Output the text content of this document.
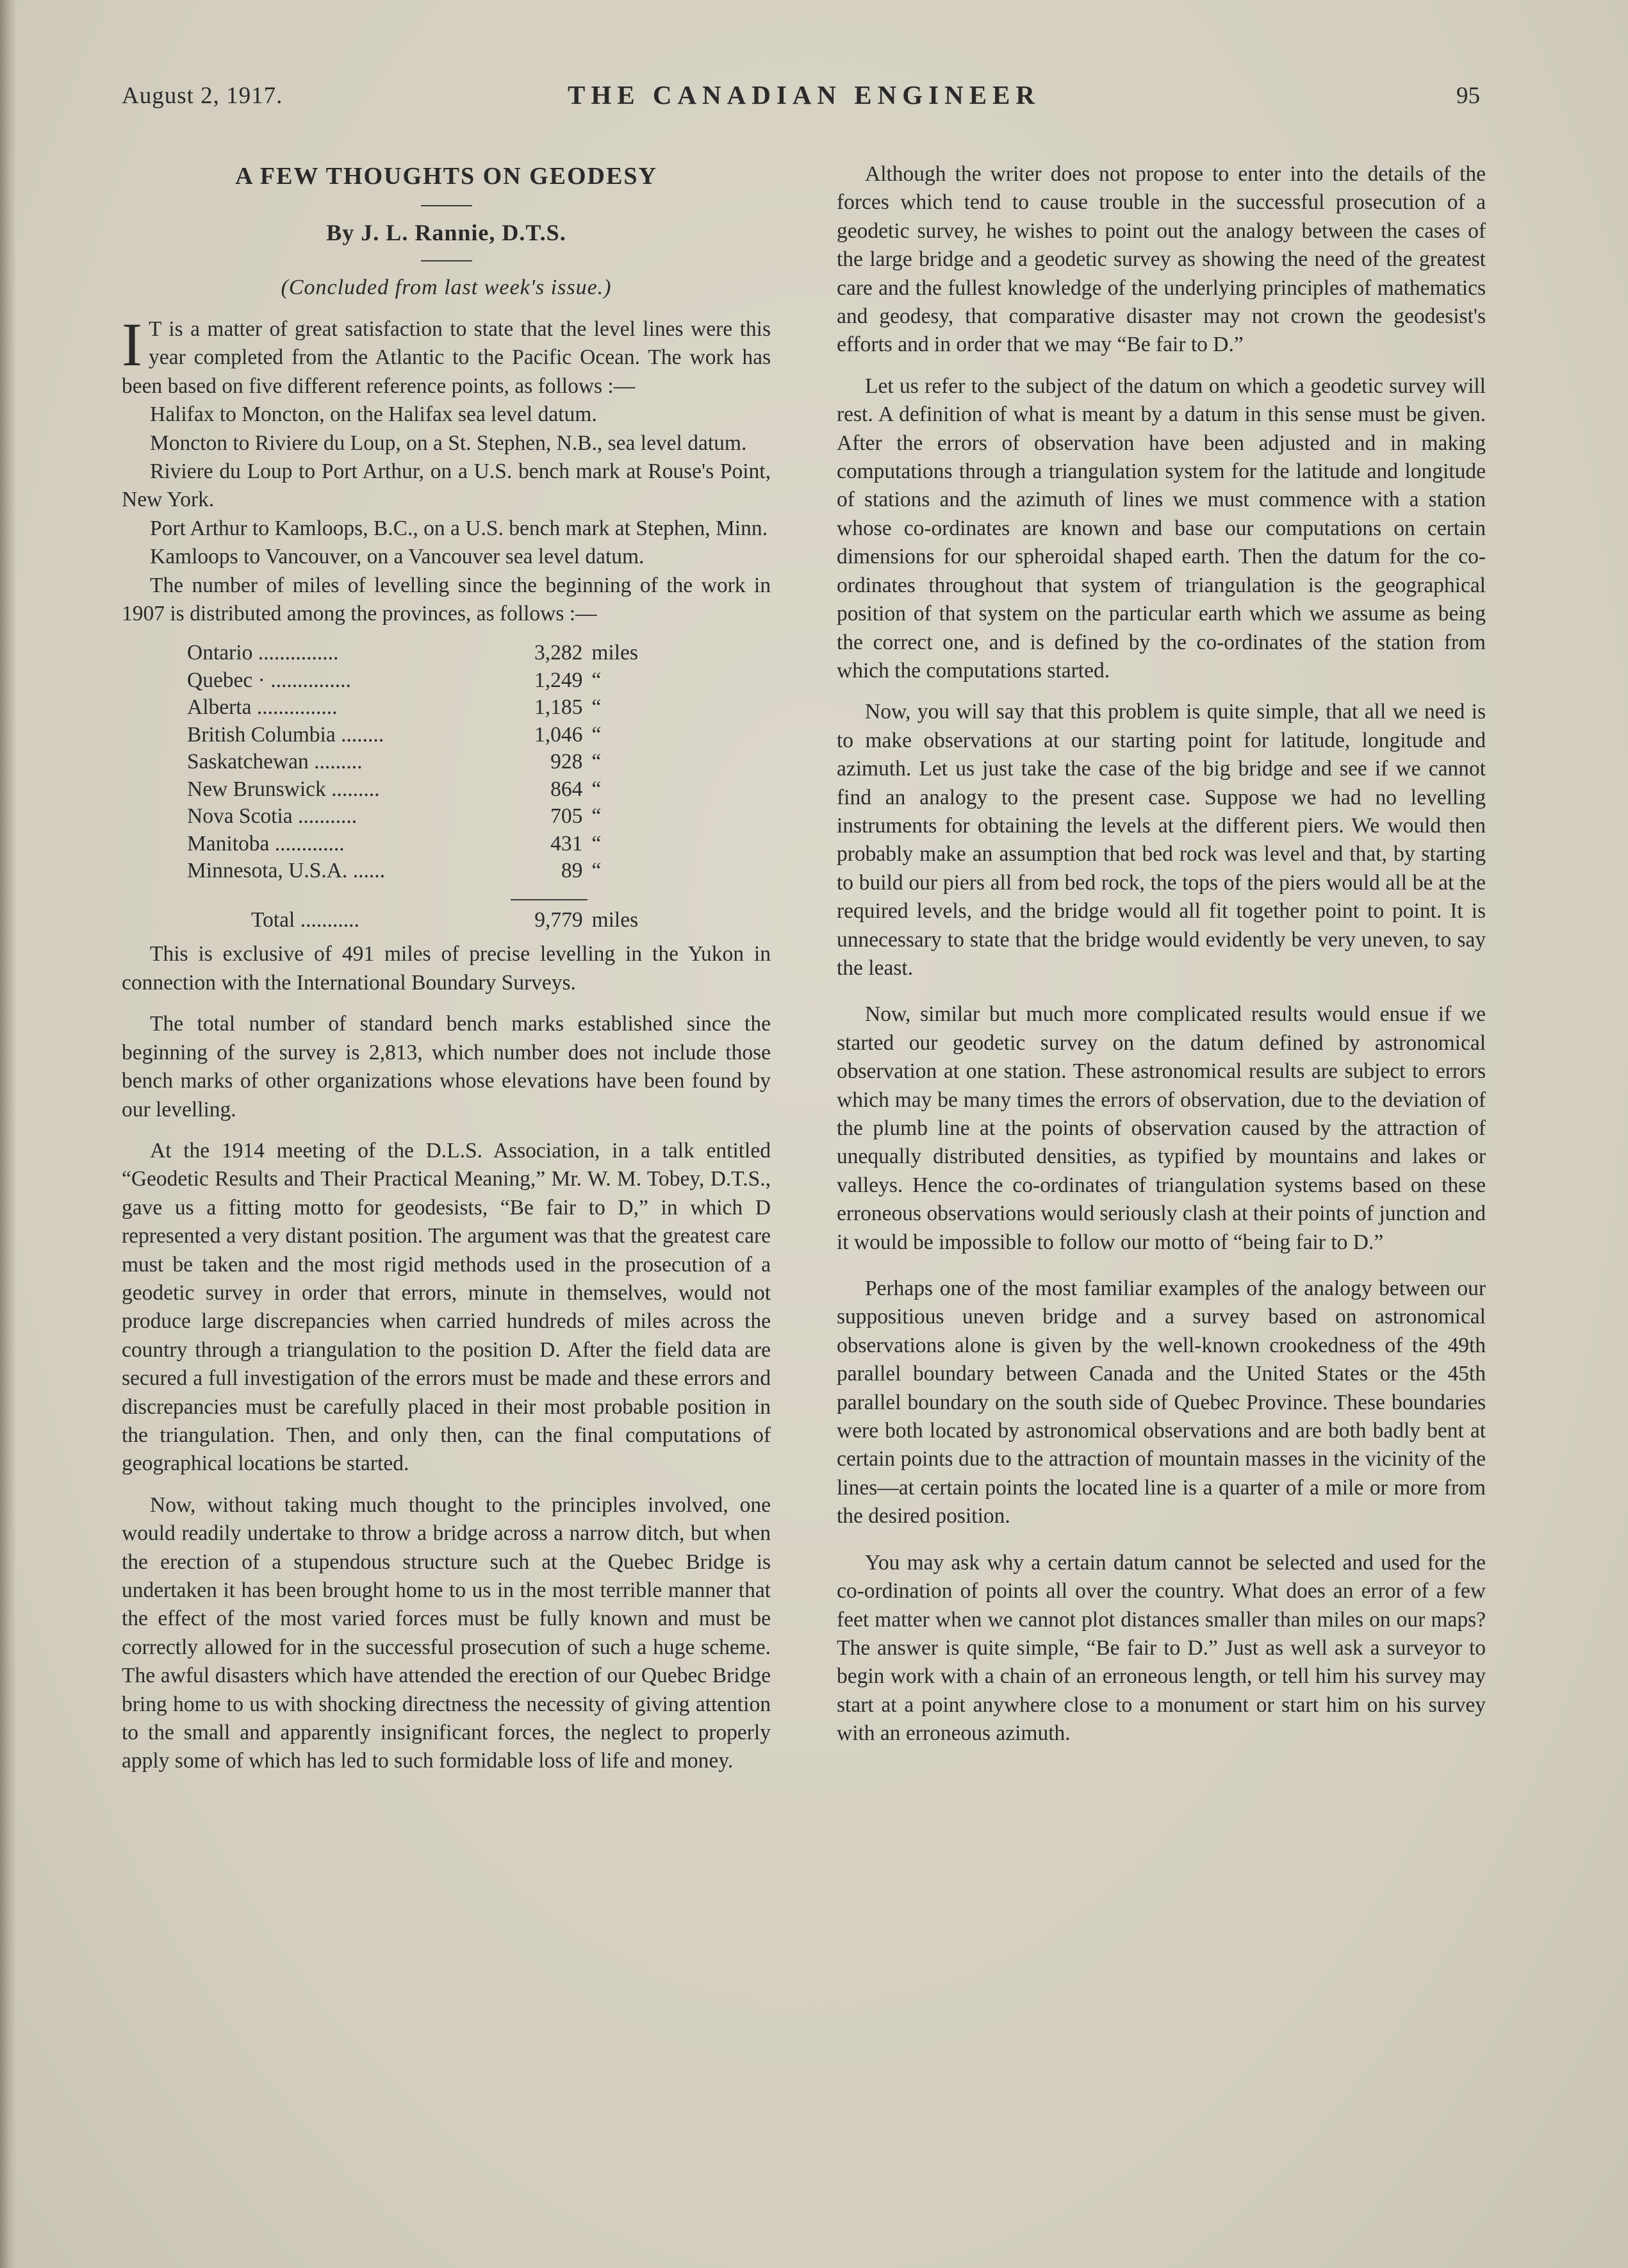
August 2, 1917.	THE CANADIAN ENGINEER	95
A FEW THOUGHTS ON GEODESY
By J. L. Rannie, D.T.S.
(Concluded from last week's issue.)
I T is a matter of great satisfaction to state that the level lines were this year completed from the Atlantic to the Pacific Ocean. The work has been based on five different reference points, as follows :—

Halifax to Moncton, on the Halifax sea level datum.

Moncton to Riviere du Loup, on a St. Stephen, N.B., sea level datum.

Riviere du Loup to Port Arthur, on a U.S. bench mark at Rouse's Point, New York.

Port Arthur to Kamloops, B.C., on a U.S. bench mark at Stephen, Minn.

Kamloops to Vancouver, on a Vancouver sea level datum.

The number of miles of levelling since the beginning of the work in 1907 is distributed among the provinces, as follows :—

Ontario ...............	3,282 miles
Quebec · ...............	1,249 “
Alberta ...............	1,185 “
British Columbia ........	1,046 “
Saskatchewan .........	928 “
New Brunswick .........	864 “
Nova Scotia ...........	705 “
Manitoba .............	431 “
Minnesota, U.S.A. ......	89 “
Total ...........	9,779 miles

This is exclusive of 491 miles of precise levelling in the Yukon in connection with the International Boundary Surveys.

The total number of standard bench marks established since the beginning of the survey is 2,813, which number does not include those bench marks of other organizations whose elevations have been found by our levelling.

At the 1914 meeting of the D.L.S. Association, in a talk entitled “Geodetic Results and Their Practical Meaning,” Mr. W. M. Tobey, D.T.S., gave us a fitting motto for geodesists, “Be fair to D,” in which D represented a very distant position. The argument was that the greatest care must be taken and the most rigid methods used in the prosecution of a geodetic survey in order that errors, minute in themselves, would not produce large discrepancies when carried hundreds of miles across the country through a triangulation to the position D. After the field data are secured a full investigation of the errors must be made and these errors and discrepancies must be carefully placed in their most probable position in the triangulation. Then, and only then, can the final computations of geographical locations be started.

Now, without taking much thought to the principles involved, one would readily undertake to throw a bridge across a narrow ditch, but when the erection of a stupendous structure such at the Quebec Bridge is undertaken it has been brought home to us in the most terrible manner that the effect of the most varied forces must be fully known and must be correctly allowed for in the successful prosecution of such a huge scheme. The awful disasters which have attended the erection of our Quebec Bridge bring home to us with shocking directness the necessity of giving attention to the small and apparently insignificant forces, the neglect to properly apply some of which has led to such formidable loss of life and money.

Although the writer does not propose to enter into the details of the forces which tend to cause trouble in the successful prosecution of a geodetic survey, he wishes to point out the analogy between the cases of the large bridge and a geodetic survey as showing the need of the greatest care and the fullest knowledge of the underlying principles of mathematics and geodesy, that comparative disaster may not crown the geodesist's efforts and in order that we may “Be fair to D.”

Let us refer to the subject of the datum on which a geodetic survey will rest. A definition of what is meant by a datum in this sense must be given. After the errors of observation have been adjusted and in making computations through a triangulation system for the latitude and longitude of stations and the azimuth of lines we must commence with a station whose co-ordinates are known and base our computations on certain dimensions for our spheroidal shaped earth. Then the datum for the co-ordinates throughout that system of triangulation is the geographical position of that system on the particular earth which we assume as being the correct one, and is defined by the co-ordinates of the station from which the computations started.

Now, you will say that this problem is quite simple, that all we need is to make observations at our starting point for latitude, longitude and azimuth. Let us just take the case of the big bridge and see if we cannot find an analogy to the present case. Suppose we had no levelling instruments for obtaining the levels at the different piers. We would then probably make an assumption that bed rock was level and that, by starting to build our piers all from bed rock, the tops of the piers would all be at the required levels, and the bridge would all fit together point to point. It is unnecessary to state that the bridge would evidently be very uneven, to say the least.

Now, similar but much more complicated results would ensue if we started our geodetic survey on the datum defined by astronomical observation at one station. These astronomical results are subject to errors which may be many times the errors of observation, due to the deviation of the plumb line at the points of observation caused by the attraction of unequally distributed densities, as typified by mountains and lakes or valleys. Hence the co-ordinates of triangulation systems based on these erroneous observations would seriously clash at their points of junction and it would be impossible to follow our motto of “being fair to D.”

Perhaps one of the most familiar examples of the analogy between our suppositious uneven bridge and a survey based on astronomical observations alone is given by the well-known crookedness of the 49th parallel boundary between Canada and the United States or the 45th parallel boundary on the south side of Quebec Province. These boundaries were both located by astronomical observations and are both badly bent at certain points due to the attraction of mountain masses in the vicinity of the lines—at certain points the located line is a quarter of a mile or more from the desired position.

You may ask why a certain datum cannot be selected and used for the co-ordination of points all over the country. What does an error of a few feet matter when we cannot plot distances smaller than miles on our maps? The answer is quite simple, “Be fair to D.” Just as well ask a surveyor to begin work with a chain of an erroneous length, or tell him his survey may start at a point anywhere close to a monument or start him on his survey with an erroneous azimuth.
